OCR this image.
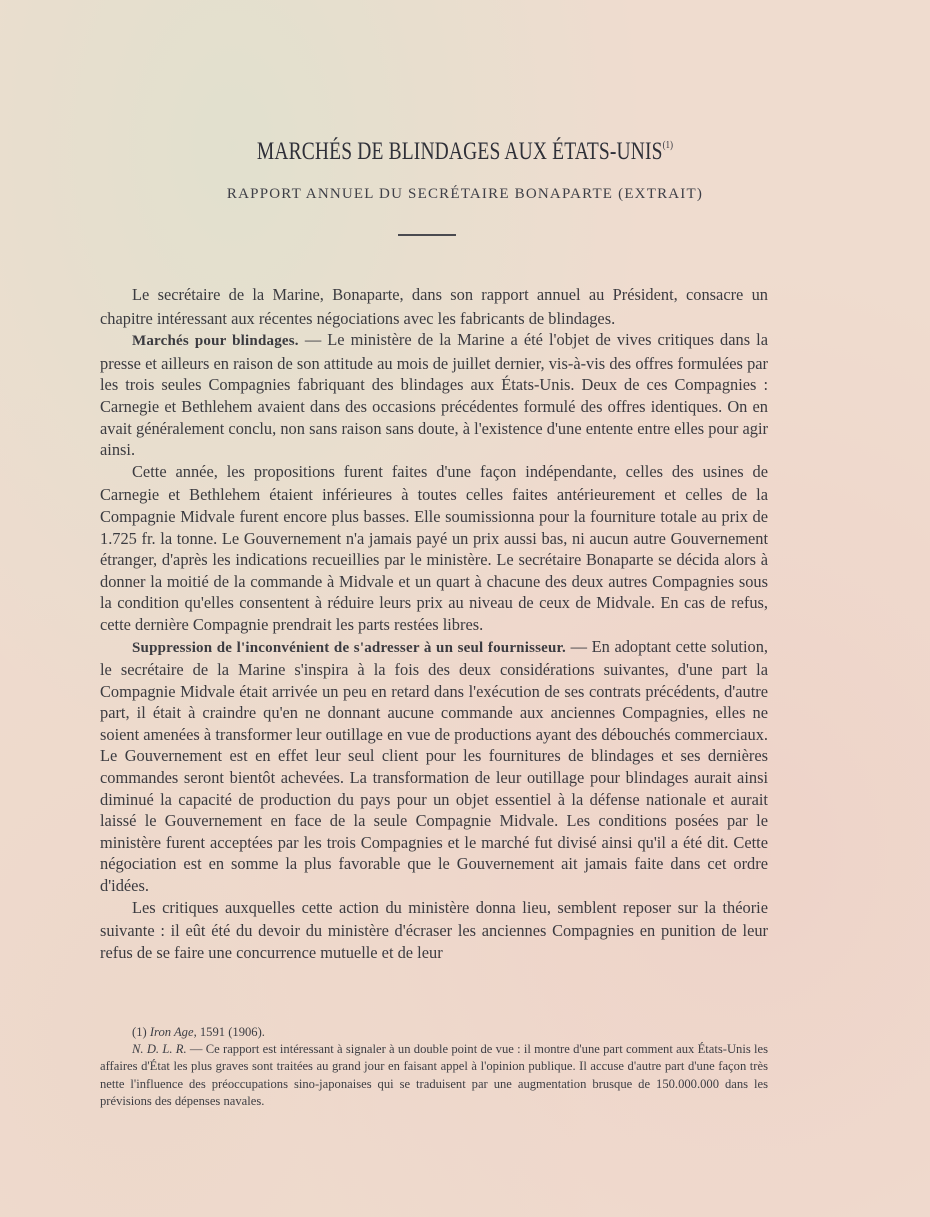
MARCHÉS DE BLINDAGES AUX ÉTATS-UNIS$^{(1)}$
RAPPORT ANNUEL DU SECRÉTAIRE BONAPARTE (EXTRAIT)

Le secrétaire de la Marine, Bonaparte, dans son rapport annuel au Président, consacre un chapitre intéressant aux récentes négociations avec les fabricants de blindages.

Marchés pour blindages. — Le ministère de la Marine a été l'objet de vives critiques dans la presse et ailleurs en raison de son attitude au mois de juillet dernier, vis-à-vis des offres formulées par les trois seules Compagnies fabriquant des blindages aux États-Unis. Deux de ces Compagnies : Carnegie et Bethlehem avaient dans des occasions précédentes formulé des offres identiques. On en avait généralement conclu, non sans raison sans doute, à l'existence d'une entente entre elles pour agir ainsi.

Cette année, les propositions furent faites d'une façon indépendante, celles des usines de Carnegie et Bethlehem étaient inférieures à toutes celles faites antérieurement et celles de la Compagnie Midvale furent encore plus basses. Elle soumissionna pour la fourniture totale au prix de 1.725 fr. la tonne. Le Gouvernement n'a jamais payé un prix aussi bas, ni aucun autre Gouvernement étranger, d'après les indications recueillies par le ministère. Le secrétaire Bonaparte se décida alors à donner la moitié de la commande à Midvale et un quart à chacune des deux autres Compagnies sous la condition qu'elles consentent à réduire leurs prix au niveau de ceux de Midvale. En cas de refus, cette dernière Compagnie prendrait les parts restées libres.

Suppression de l'inconvénient de s'adresser à un seul fournisseur. — En adoptant cette solution, le secrétaire de la Marine s'inspira à la fois des deux considérations suivantes, d'une part la Compagnie Midvale était arrivée un peu en retard dans l'exécution de ses contrats précédents, d'autre part, il était à craindre qu'en ne donnant aucune commande aux anciennes Compagnies, elles ne soient amenées à transformer leur outillage en vue de productions ayant des débouchés commerciaux. Le Gouvernement est en effet leur seul client pour les fournitures de blindages et ses dernières commandes seront bientôt achevées. La transformation de leur outillage pour blindages aurait ainsi diminué la capacité de production du pays pour un objet essentiel à la défense nationale et aurait laissé le Gouvernement en face de la seule Compagnie Midvale. Les conditions posées par le ministère furent acceptées par les trois Compagnies et le marché fut divisé ainsi qu'il a été dit. Cette négociation est en somme la plus favorable que le Gouvernement ait jamais faite dans cet ordre d'idées.

Les critiques auxquelles cette action du ministère donna lieu, semblent reposer sur la théorie suivante : il eût été du devoir du ministère d'écraser les anciennes Compagnies en punition de leur refus de se faire une concurrence mutuelle et de leur

(1) Iron Age, 1591 (1906).

N. D. L. R. — Ce rapport est intéressant à signaler à un double point de vue : il montre d'une part comment aux États-Unis les affaires d'État les plus graves sont traitées au grand jour en faisant appel à l'opinion publique. Il accuse d'autre part d'une façon très nette l'influence des préoccupations sino-japonaises qui se traduisent par une augmentation brusque de 150.000.000 dans les prévisions des dépenses navales.
